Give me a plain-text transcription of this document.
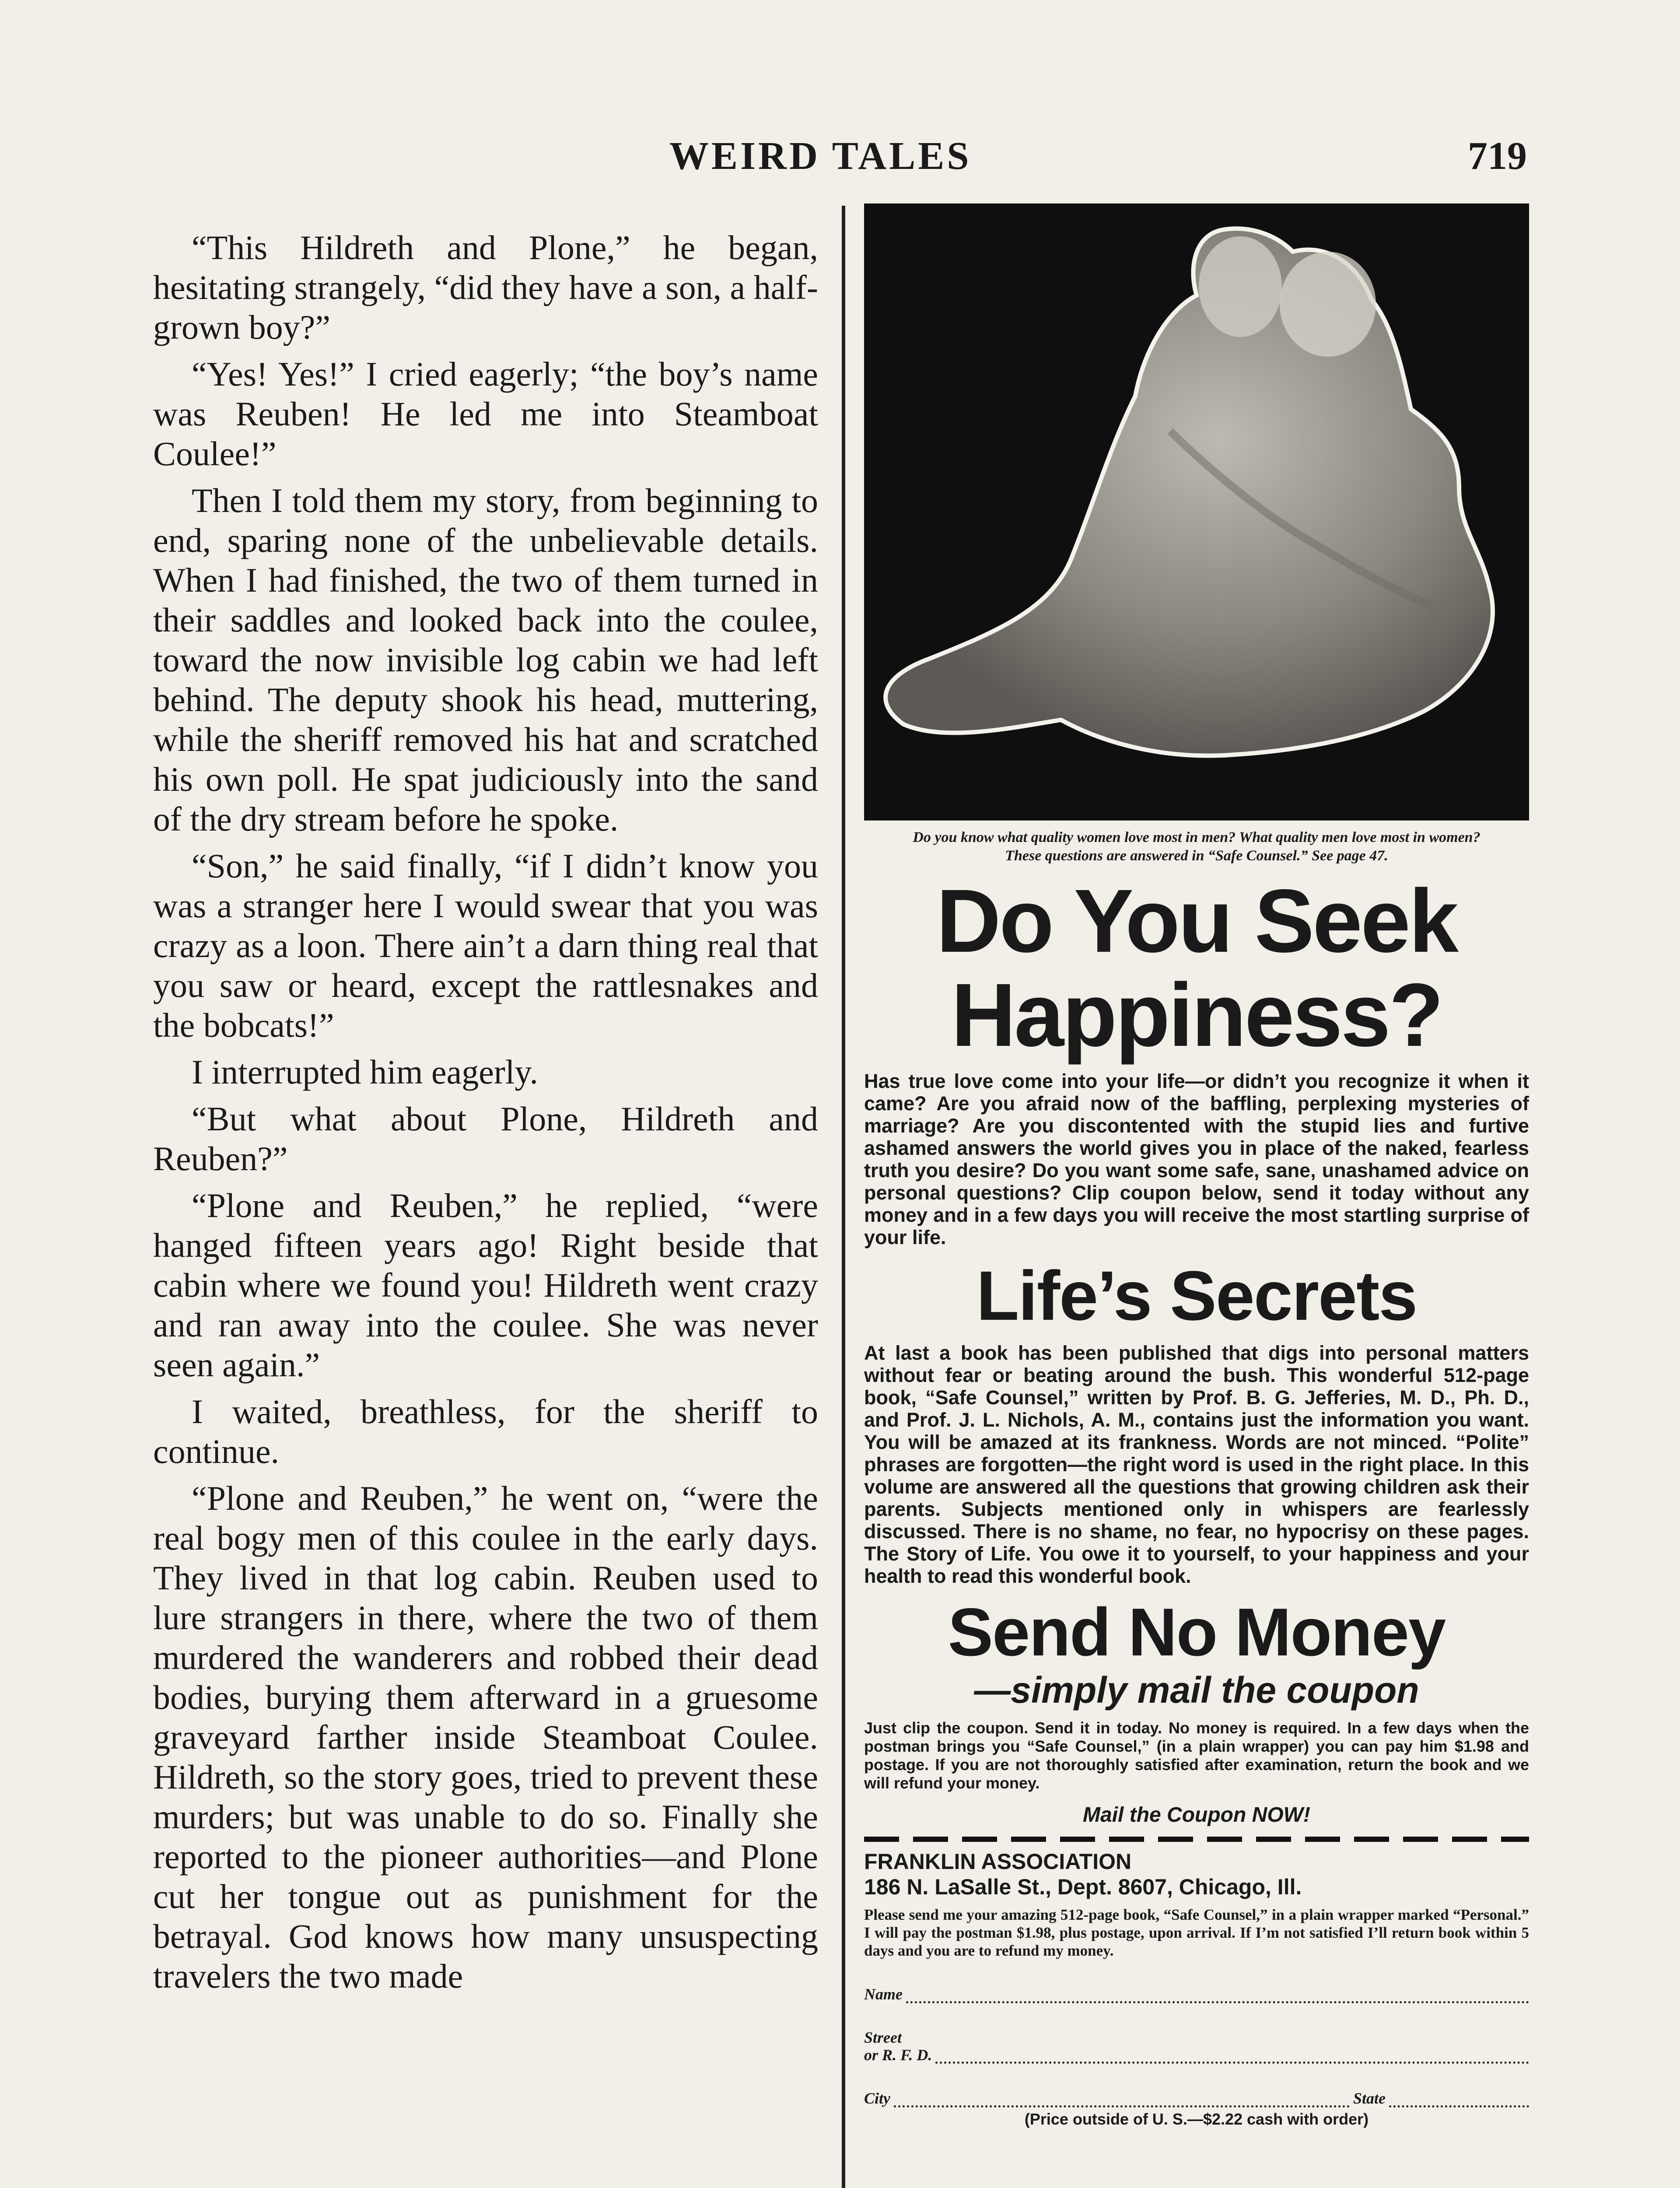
WEIRD TALES	719

“This Hildreth and Plone,” he began, hesitating strangely, “did they have a son, a half-grown boy?”

“Yes! Yes!” I cried eagerly; “the boy’s name was Reuben! He led me into Steamboat Coulee!”

Then I told them my story, from beginning to end, sparing none of the unbelievable details. When I had finished, the two of them turned in their saddles and looked back into the coulee, toward the now invisible log cabin we had left behind. The deputy shook his head, muttering, while the sheriff removed his hat and scratched his own poll. He spat judiciously into the sand of the dry stream before he spoke.

“Son,” he said finally, “if I didn’t know you was a stranger here I would swear that you was crazy as a loon. There ain’t a darn thing real that you saw or heard, except the rattlesnakes and the bobcats!”

I interrupted him eagerly.

“But what about Plone, Hildreth and Reuben?”

“Plone and Reuben,” he replied, “were hanged fifteen years ago! Right beside that cabin where we found you! Hildreth went crazy and ran away into the coulee. She was never seen again.”

I waited, breathless, for the sheriff to continue.

“Plone and Reuben,” he went on, “were the real bogy men of this coulee in the early days. They lived in that log cabin. Reuben used to lure strangers in there, where the two of them murdered the wanderers and robbed their dead bodies, burying them afterward in a gruesome graveyard farther inside Steamboat Coulee. Hildreth, so the story goes, tried to prevent these murders; but was unable to do so. Finally she reported to the pioneer authorities—and Plone cut her tongue out as punishment for the betrayal. God knows how many unsuspecting travelers the two made

Do you know what quality women love most in men? What quality men love most in women? These questions are answered in “Safe Counsel.” See page 47.
Do You Seek
Happiness?
Has true love come into your life—or didn’t you recognize it when it came? Are you afraid now of the baffling, perplexing mysteries of marriage? Are you discontented with the stupid lies and furtive ashamed answers the world gives you in place of the naked, fearless truth you desire? Do you want some safe, sane, unashamed advice on personal questions? Clip coupon below, send it today without any money and in a few days you will receive the most startling surprise of your life.
Life’s Secrets
At last a book has been published that digs into personal matters without fear or beating around the bush. This wonderful 512-page book, “Safe Counsel,” written by Prof. B. G. Jefferies, M. D., Ph. D., and Prof. J. L. Nichols, A. M., contains just the information you want. You will be amazed at its frankness. Words are not minced. “Polite” phrases are forgotten—the right word is used in the right place. In this volume are answered all the questions that growing children ask their parents. Subjects mentioned only in whispers are fearlessly discussed. There is no shame, no fear, no hypocrisy on these pages. The Story of Life. You owe it to yourself, to your happiness and your health to read this wonderful book.
Send No Money
—simply mail the coupon
Just clip the coupon. Send it in today. No money is required. In a few days when the postman brings you “Safe Counsel,” (in a plain wrapper) you can pay him $1.98 and postage. If you are not thoroughly satisfied after examination, return the book and we will refund your money.
Mail the Coupon NOW!
FRANKLIN ASSOCIATION
186 N. LaSalle St., Dept. 8607, Chicago, Ill.
Please send me your amazing 512-page book, “Safe Counsel,” in a plain wrapper marked “Personal.” I will pay the postman $1.98, plus postage, upon arrival. If I’m not satisfied I’ll return book within 5 days and you are to refund my money.
Name
Street
or R. F. D.
City	State
(Price outside of U. S.—$2.22 cash with order)
